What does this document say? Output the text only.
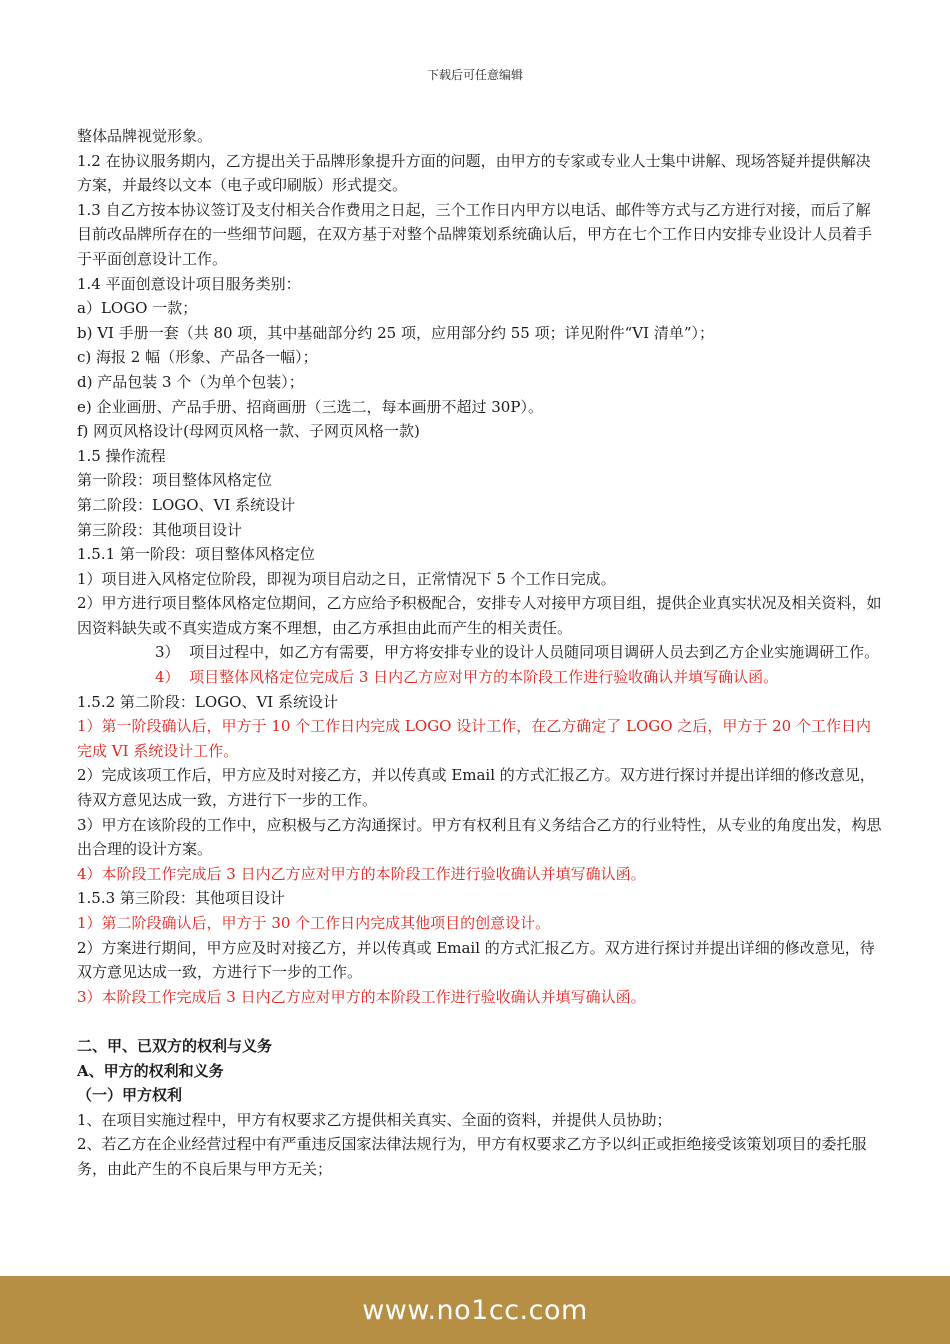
下载后可任意编辑

整体品牌视觉形象。

1.2 在协议服务期内，乙方提出关于品牌形象提升方面的问题，由甲方的专家或专业人士集中讲解、现场答疑并提供解决方案，并最终以文本（电子或印刷版）形式提交。

1.3 自乙方按本协议签订及支付相关合作费用之日起，三个工作日内甲方以电话、邮件等方式与乙方进行对接，而后了解目前改品牌所存在的一些细节问题，在双方基于对整个品牌策划系统确认后，甲方在七个工作日内安排专业设计人员着手于平面创意设计工作。

1.4 平面创意设计项目服务类别：

a）LOGO 一款；

b) VI 手册一套（共 80 项，其中基础部分约 25 项，应用部分约 55 项；详见附件“VI 清单”）；

c) 海报 2 幅（形象、产品各一幅）；

d) 产品包装 3 个（为单个包装）；

e) 企业画册、产品手册、招商画册（三选二，每本画册不超过 30P）。

f) 网页风格设计(母网页风格一款、子网页风格一款)

1.5 操作流程

第一阶段：项目整体风格定位

第二阶段：LOGO、VI 系统设计

第三阶段：其他项目设计

1.5.1 第一阶段：项目整体风格定位

1）项目进入风格定位阶段，即视为项目启动之日，正常情况下 5 个工作日完成。

2）甲方进行项目整体风格定位期间，乙方应给予积极配合，安排专人对接甲方项目组，提供企业真实状况及相关资料，如因资料缺失或不真实造成方案不理想，由乙方承担由此而产生的相关责任。

3）  项目过程中，如乙方有需要，甲方将安排专业的设计人员随同项目调研人员去到乙方企业实施调研工作。

4）  项目整体风格定位完成后 3 日内乙方应对甲方的本阶段工作进行验收确认并填写确认函。

1.5.2 第二阶段：LOGO、VI 系统设计

1）第一阶段确认后，甲方于 10 个工作日内完成 LOGO 设计工作，在乙方确定了 LOGO 之后，甲方于 20 个工作日内完成 VI 系统设计工作。

2）完成该项工作后，甲方应及时对接乙方，并以传真或 Email 的方式汇报乙方。双方进行探讨并提出详细的修改意见，待双方意见达成一致，方进行下一步的工作。

3）甲方在该阶段的工作中，应积极与乙方沟通探讨。甲方有权利且有义务结合乙方的行业特性，从专业的角度出发，构思出合理的设计方案。

4）本阶段工作完成后 3 日内乙方应对甲方的本阶段工作进行验收确认并填写确认函。

1.5.3 第三阶段：其他项目设计

1）第二阶段确认后，甲方于 30 个工作日内完成其他项目的创意设计。

2）方案进行期间，甲方应及时对接乙方，并以传真或 Email 的方式汇报乙方。双方进行探讨并提出详细的修改意见，待双方意见达成一致，方进行下一步的工作。

3）本阶段工作完成后 3 日内乙方应对甲方的本阶段工作进行验收确认并填写确认函。

二、甲、已双方的权利与义务

A、甲方的权利和义务

（一）甲方权利

1、在项目实施过程中，甲方有权要求乙方提供相关真实、全面的资料，并提供人员协助；

2、若乙方在企业经营过程中有严重违反国家法律法规行为，甲方有权要求乙方予以纠正或拒绝接受该策划项目的委托服务，由此产生的不良后果与甲方无关；

www.no1cc.com
